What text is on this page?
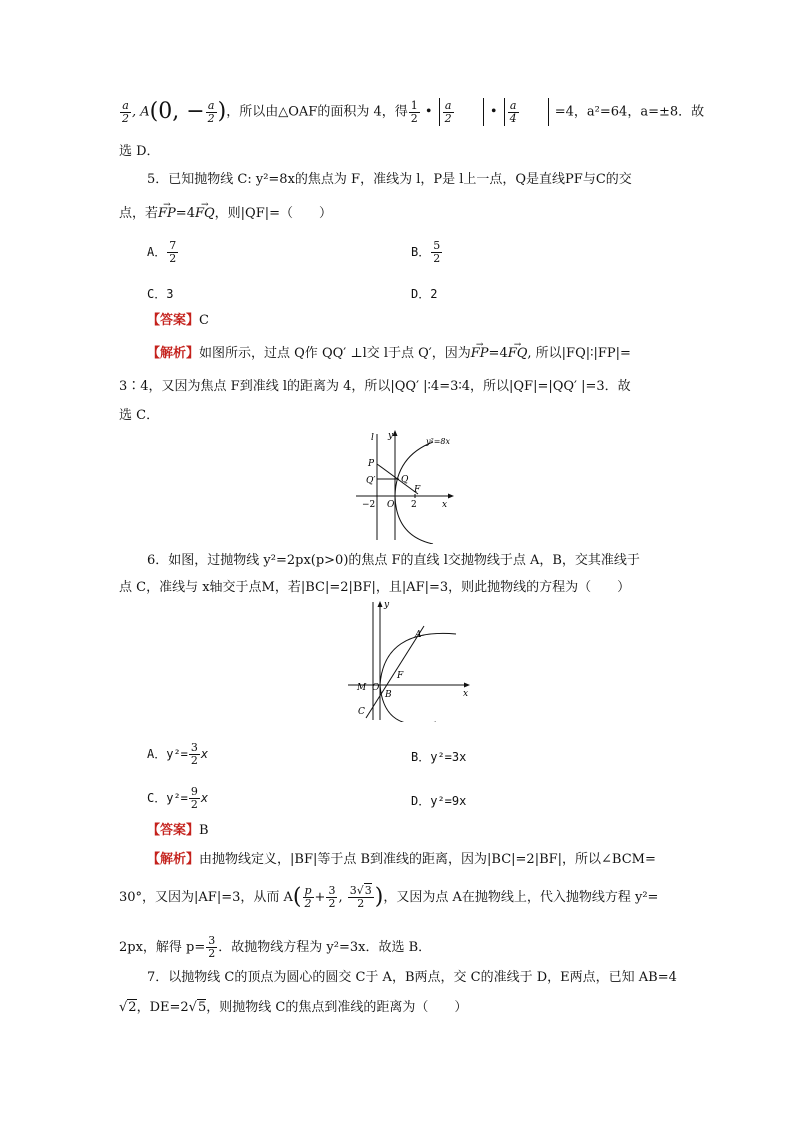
$\frac{a}{2}$ , A(0, − $\frac{a}{2}$ )，所以由△OAF的面积为 4，得 $\frac{1}{2}$ • $\frac{a}{2}$	• $\frac{a}{4}$	=4，a²=64，a=±8．故
选 D．
5．已知抛物线 C: y²=8x的焦点为 F，准线为 l，P是 l上一点，Q是直线PF与C的交
点，若→ FP=4→ FQ，则|QF|=（　　）
A． $\frac{7}{2}$	B． $\frac{5}{2}$
C．3	D．2
【答案】C
【解析】如图所示，过点 Q作 QQ′ ⊥l交 l于点 Q′，因为→ FP=4→ FQ, 所以|FQ|∶|FP|=
3∶4，又因为焦点 F到准线 l的距离为 4，所以|QQ′ |∶4=3∶4，所以|QF|=|QQ′ |=3．故
选 C．
l y
y²=8x
P
Q′	Q
F
−2 O 2	x
6．如图，过抛物线 y²=2px(p>0)的焦点 F的直线 l交抛物线于点 A，B，交其准线于
点 C，准线与 x轴交于点M，若|BC|=2|BF|，且|AF|=3，则此抛物线的方程为（　　）
y
A
F
M O
B
C
x
A．$y^2= \frac{3}{2}$ x	B．y²=3x
C．$y^2= \frac{9}{2}$ x	D．y²=9x
【答案】B
【解析】由抛物线定义，|BF|等于点 B到准线的距离，因为|BC|=2|BF|，所以∠BCM=
30°，又因为|AF|=3，从而 $A( \frac{p}{2} + \frac{3}{2}$ , $\frac{3√3}{2}$ )，又因为点 A在抛物线上，代入抛物线方程 y²=
2px，解得 $p= \frac{3}{2}$ ．故抛物线方程为 y²=3x．故选 B．
7．以抛物线 C的顶点为圆心的圆交 C于 A，B两点，交 C的准线于 D，E两点，已知 AB=4
√2，DE=2√5，则抛物线 C的焦点到准线的距离为（　　）
